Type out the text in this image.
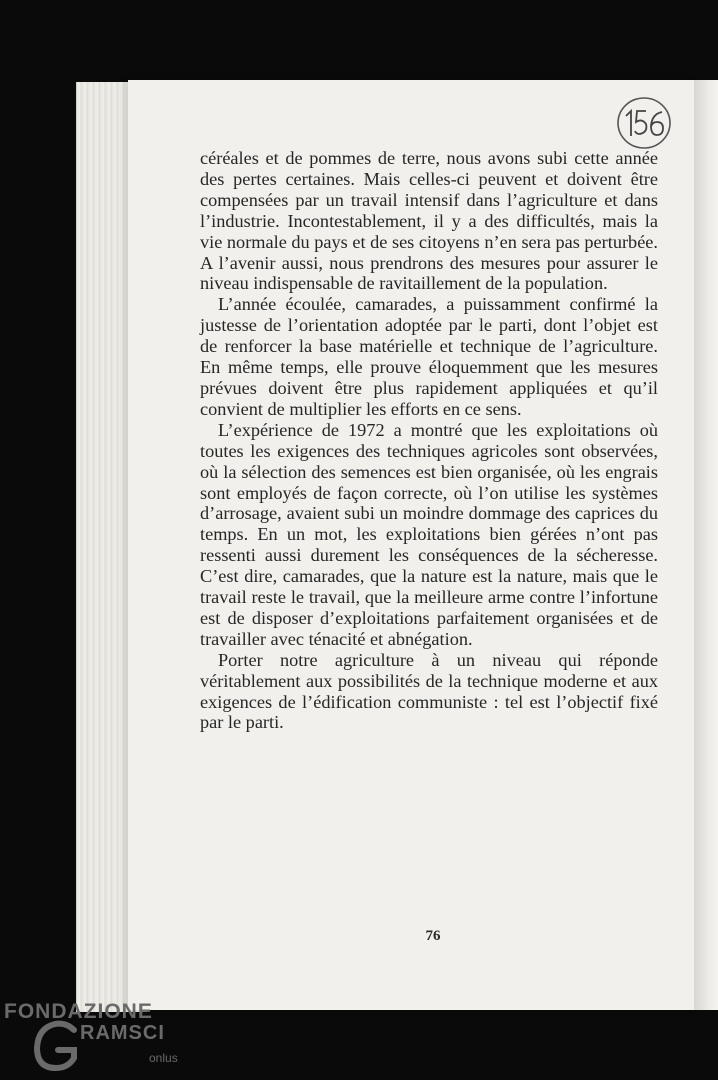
céréales et de pommes de terre, nous avons subi cette année des pertes certaines. Mais celles-ci peuvent et doivent être compensées par un travail intensif dans l’agriculture et dans l’industrie. Incontestablement, il y a des difficultés, mais la vie normale du pays et de ses citoyens n’en sera pas perturbée. A l’avenir aussi, nous prendrons des mesures pour assurer le niveau indispensable de ravitaillement de la population.

L’année écoulée, camarades, a puissamment confirmé la justesse de l’orientation adoptée par le parti, dont l’objet est de renforcer la base matérielle et technique de l’agriculture. En même temps, elle prouve éloquemment que les mesures prévues doivent être plus rapidement appliquées et qu’il convient de multiplier les efforts en ce sens.

L’expérience de 1972 a montré que les exploitations où toutes les exigences des techniques agricoles sont observées, où la sélection des semences est bien organisée, où les engrais sont employés de façon correcte, où l’on utilise les systèmes d’arrosage, avaient subi un moindre dommage des caprices du temps. En un mot, les exploitations bien gérées n’ont pas ressenti aussi durement les conséquences de la sécheresse. C’est dire, camarades, que la nature est la nature, mais que le travail reste le travail, que la meilleure arme contre l’infortune est de disposer d’exploitations parfaitement organisées et de travailler avec ténacité et abnégation.

Porter notre agriculture à un niveau qui réponde véritablement aux possibilités de la technique moderne et aux exigences de l’édification communiste : tel est l’objectif fixé par le parti.

76
FONDAZIONE
RAMSCI
onlus
